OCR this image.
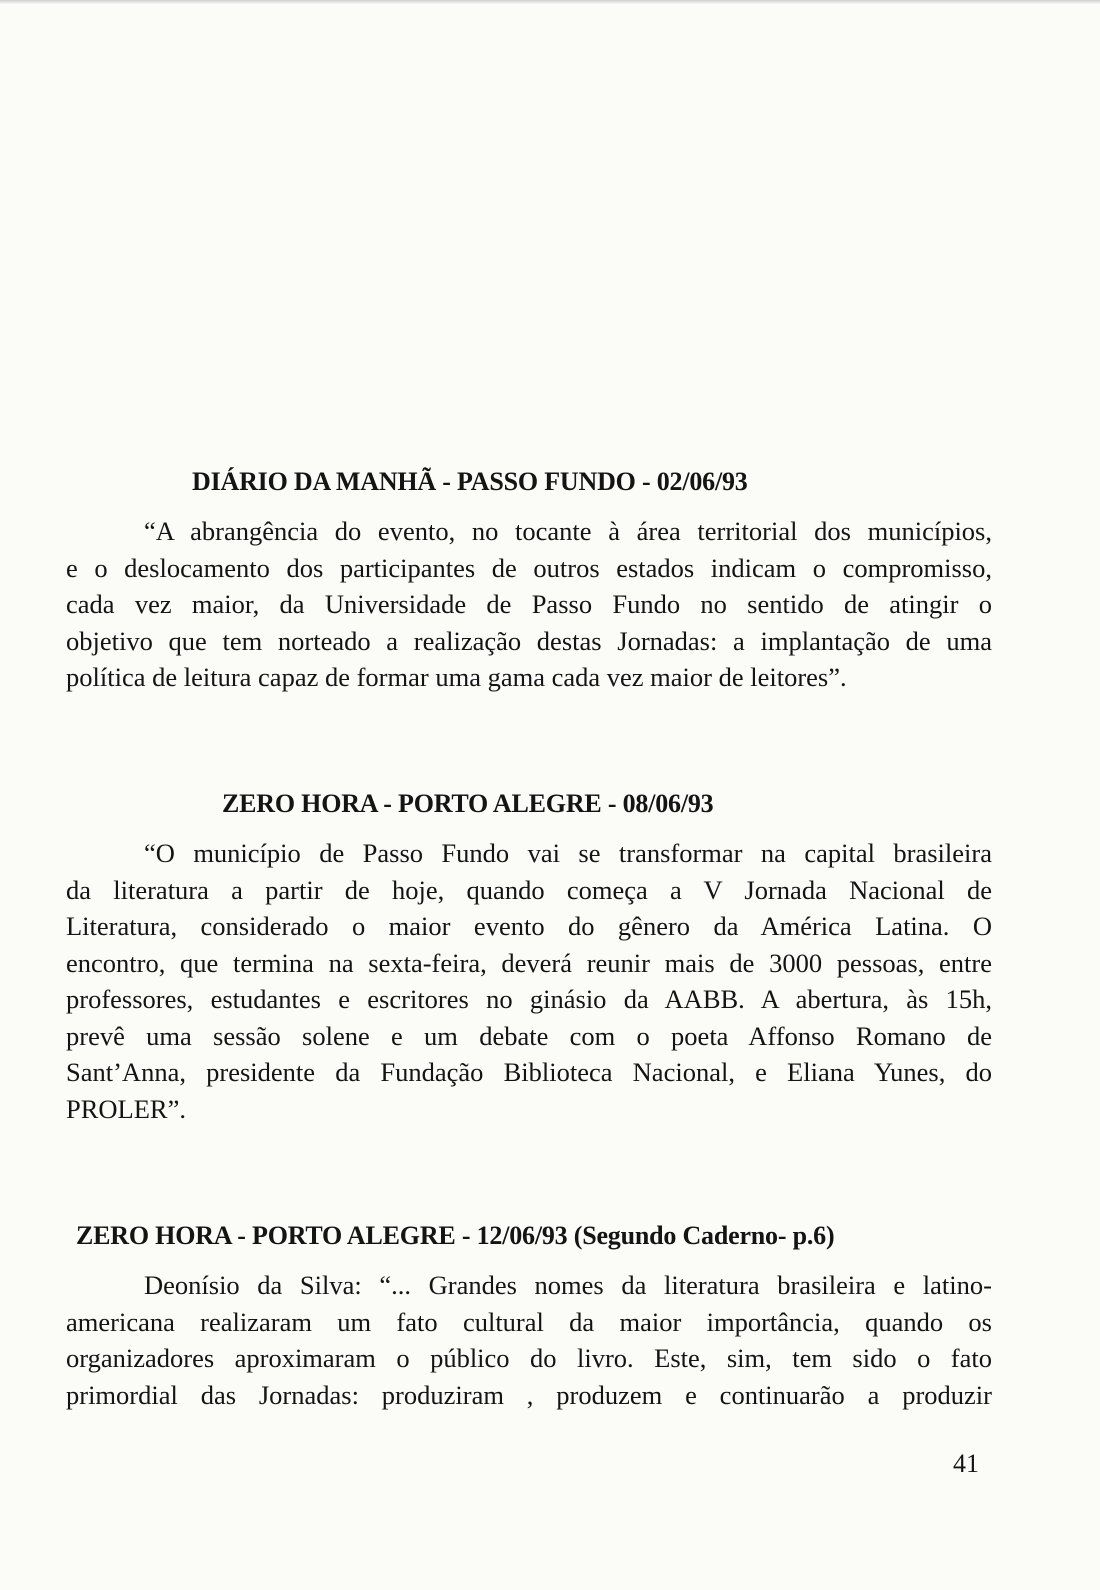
DIÁRIO DA MANHÃ - PASSO FUNDO - 02/06/93
“A abrangência do evento, no tocante à área territorial dos municípios,
e o deslocamento dos participantes de outros estados indicam o compromisso,
cada vez maior, da Universidade de Passo Fundo no sentido de atingir o
objetivo que tem norteado a realização destas Jornadas: a implantação de uma
política de leitura capaz de formar uma gama cada vez maior de leitores”.
ZERO HORA - PORTO ALEGRE - 08/06/93
“O município de Passo Fundo vai se transformar na capital brasileira
da literatura a partir de hoje, quando começa a V Jornada Nacional de
Literatura, considerado o maior evento do gênero da América Latina. O
encontro, que termina na sexta-feira, deverá reunir mais de 3000 pessoas, entre
professores, estudantes e escritores no ginásio da AABB. A abertura, às 15h,
prevê uma sessão solene e um debate com o poeta Affonso Romano de
Sant’Anna, presidente da Fundação Biblioteca Nacional, e Eliana Yunes, do
PROLER”.
ZERO HORA - PORTO ALEGRE - 12/06/93 (Segundo Caderno- p.6)
Deonísio da Silva: “... Grandes nomes da literatura brasileira e latino-
americana realizaram um fato cultural da maior importância, quando os
organizadores aproximaram o público do livro. Este, sim, tem sido o fato
primordial das Jornadas: produziram , produzem e continuarão a produzir
41
